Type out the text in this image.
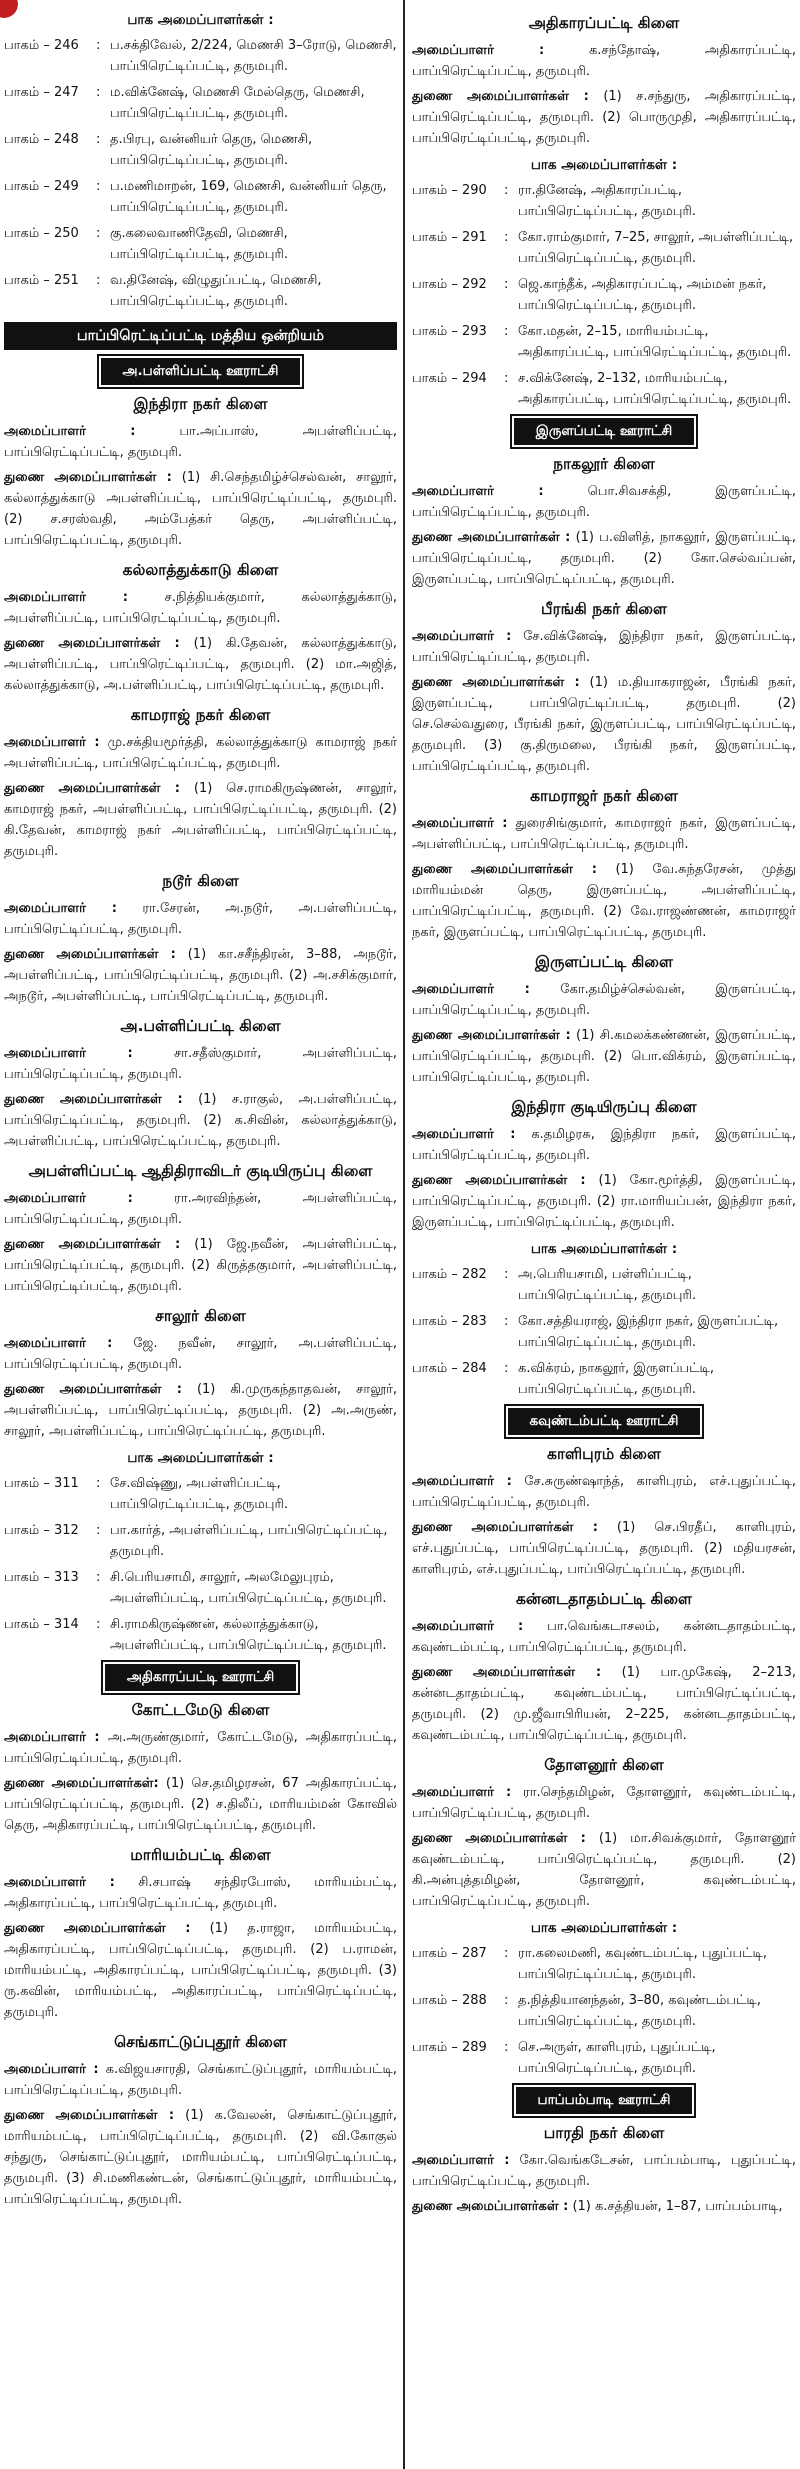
பாக அமைப்பாளர்கள் :
பாகம் – 246	: ப.சக்திவேல், 2/224, மெணசி 3–ரோடு, மெணசி, பாப்பிரெட்டிப்பட்டி, தருமபுரி.
பாகம் – 247	: ம.விக்னேஷ், மெணசி மேல்தெரு, மெணசி, பாப்பிரெட்டிப்பட்டி, தருமபுரி.
பாகம் – 248	: த.பிரபு, வன்னியர் தெரு, மெணசி, பாப்பிரெட்டிப்பட்டி, தருமபுரி.
பாகம் – 249	: ப.மணிமாறன், 169, மெணசி, வன்னியர் தெரு, பாப்பிரெட்டிப்பட்டி, தருமபுரி.
பாகம் – 250	: கு.கலைவாணிதேவி, மெணசி, பாப்பிரெட்டிப்பட்டி, தருமபுரி.
பாகம் – 251	: வ.தினேஷ், விழுதுப்பட்டி, மெணசி, பாப்பிரெட்டிப்பட்டி, தருமபுரி.
பாப்பிரெட்டிப்பட்டி மத்திய ஒன்றியம்
அ.பள்ளிப்பட்டி ஊராட்சி
இந்திரா நகர் கிளை
அமைப்பாளர் :	பா.அப்பாஸ், அபள்ளிப்பட்டி, பாப்பிரெட்டிப்பட்டி, தருமபுரி.
துணை அமைப்பாளர்கள் : (1) சி.செந்தமிழ்ச்செல்வன், சாலூர், கல்லாத்துக்காடு அபள்ளிப்பட்டி, பாப்பிரெட்டிப்பட்டி, தருமபுரி. (2) ச.சரஸ்வதி, அம்பேத்கர் தெரு, அபள்ளிப்பட்டி, பாப்பிரெட்டிப்பட்டி, தருமபுரி.
கல்லாத்துக்காடு கிளை
அமைப்பாளர் :	ச.நித்தியக்குமார், கல்லாத்துக்காடு, அபள்ளிப்பட்டி, பாப்பிரெட்டிப்பட்டி, தருமபுரி.
துணை அமைப்பாளர்கள் : (1) கி.தேவன், கல்லாத்துக்காடு, அபள்ளிப்பட்டி, பாப்பிரெட்டிப்பட்டி, தருமபுரி. (2) மா.அஜித், கல்லாத்துக்காடு, அ.பள்ளிப்பட்டி, பாப்பிரெட்டிப்பட்டி, தருமபுரி.
காமராஜ் நகர் கிளை
அமைப்பாளர் : மு.சக்தியமூர்த்தி, கல்லாத்துக்காடு காமராஜ் நகர் அபள்ளிப்பட்டி, பாப்பிரெட்டிப்பட்டி, தருமபுரி.
துணை அமைப்பாளர்கள் : (1) செ.ராமகிருஷ்ணன், சாலூர், காமராஜ் நகர், அபள்ளிப்பட்டி, பாப்பிரெட்டிப்பட்டி, தருமபுரி. (2) கி.தேவன், காமராஜ் நகர் அபள்ளிப்பட்டி, பாப்பிரெட்டிப்பட்டி, தருமபுரி.
நடூர் கிளை
அமைப்பாளர் : ரா.சேரன், அ.நடூர், அ.பள்ளிப்பட்டி, பாப்பிரெட்டிப்பட்டி, தருமபுரி.
துணை அமைப்பாளர்கள் : (1) கா.சசீந்திரன், 3–88, அநடூர், அபள்ளிப்பட்டி, பாப்பிரெட்டிப்பட்டி, தருமபுரி. (2) அ.சசிக்குமார், அநடூர், அபள்ளிப்பட்டி, பாப்பிரெட்டிப்பட்டி, தருமபுரி.
அ.பள்ளிப்பட்டி கிளை
அமைப்பாளர் :	சா.சதீஸ்குமார், அபள்ளிப்பட்டி, பாப்பிரெட்டிப்பட்டி, தருமபுரி.
துணை அமைப்பாளர்கள் : (1) ச.ராகுல், அ.பள்ளிப்பட்டி, பாப்பிரெட்டிப்பட்டி, தருமபுரி. (2) க.சிவின், கல்லாத்துக்காடு, அபள்ளிப்பட்டி, பாப்பிரெட்டிப்பட்டி, தருமபுரி.
அபள்ளிப்பட்டி ஆதிதிராவிடர் குடியிருப்பு கிளை
அமைப்பாளர் :	ரா.அரவிந்தன், அபள்ளிப்பட்டி, பாப்பிரெட்டிப்பட்டி, தருமபுரி.
துணை அமைப்பாளர்கள் : (1) ஜே.நவீன், அபள்ளிப்பட்டி, பாப்பிரெட்டிப்பட்டி, தருமபுரி. (2) கிருத்தகுமார், அபள்ளிப்பட்டி, பாப்பிரெட்டிப்பட்டி, தருமபுரி.
சாலூர் கிளை
அமைப்பாளர் : ஜே. நவீன், சாலூர், அ.பள்ளிப்பட்டி, பாப்பிரெட்டிப்பட்டி, தருமபுரி.
துணை அமைப்பாளர்கள் : (1) கி.முருகந்தாதவன், சாலூர், அபள்ளிப்பட்டி, பாப்பிரெட்டிப்பட்டி, தருமபுரி. (2) அ.அருண், சாலூர், அபள்ளிப்பட்டி, பாப்பிரெட்டிப்பட்டி, தருமபுரி.
பாக அமைப்பாளர்கள் :
பாகம் – 311	: சே.விஷ்ணு, அபள்ளிப்பட்டி, பாப்பிரெட்டிப்பட்டி, தருமபுரி.
பாகம் – 312	: பா.கார்த், அபள்ளிப்பட்டி, பாப்பிரெட்டிப்பட்டி, தருமபுரி.
பாகம் – 313	: சி.பெரியசாமி, சாலூர், அலமேலுபுரம், அபள்ளிப்பட்டி, பாப்பிரெட்டிப்பட்டி, தருமபுரி.
பாகம் – 314	: சி.ராமகிருஷ்ணன், கல்லாத்துக்காடு, அபள்ளிப்பட்டி, பாப்பிரெட்டிப்பட்டி, தருமபுரி.
அதிகாரப்பட்டி ஊராட்சி
கோட்டமேடு கிளை
அமைப்பாளர் : அ.அருண்குமார், கோட்டமேடு, அதிகாரப்பட்டி, பாப்பிரெட்டிப்பட்டி, தருமபுரி.
துணை அமைப்பாளர்கள்: (1) செ.தமிழரசன், 67 அதிகாரப்பட்டி, பாப்பிரெட்டிப்பட்டி, தருமபுரி. (2) ச.திலீப், மாரியம்மன் கோவில் தெரு, அதிகாரப்பட்டி, பாப்பிரெட்டிப்பட்டி, தருமபுரி.
மாரியம்பட்டி கிளை
அமைப்பாளர் : சி.சபாஷ் சந்திரபோஸ், மாரியம்பட்டி, அதிகாரப்பட்டி, பாப்பிரெட்டிப்பட்டி, தருமபுரி.
துணை அமைப்பாளர்கள் : (1) த.ராஜா, மாரியம்பட்டி, அதிகாரப்பட்டி, பாப்பிரெட்டிப்பட்டி, தருமபுரி. (2) ப.ராமன், மாரியம்பட்டி, அதிகாரப்பட்டி, பாப்பிரெட்டிப்பட்டி, தருமபுரி. (3) ரு.கவின், மாரியம்பட்டி, அதிகாரப்பட்டி, பாப்பிரெட்டிப்பட்டி, தருமபுரி.
செங்காட்டுப்புதூர் கிளை
அமைப்பாளர் : க.விஜயசாரதி, செங்காட்டுப்புதூர், மாரியம்பட்டி, பாப்பிரெட்டிப்பட்டி, தருமபுரி.
துணை அமைப்பாளர்கள் : (1) க.வேலன், செங்காட்டுப்புதூர், மாரியம்பட்டி, பாப்பிரெட்டிப்பட்டி, தருமபுரி. (2) வி.கோகுல் சந்துரு, செங்காட்டுப்புதூர், மாரியம்பட்டி, பாப்பிரெட்டிப்பட்டி, தருமபுரி. (3) சி.மணிகண்டன், செங்காட்டுப்புதூர், மாரியம்பட்டி, பாப்பிரெட்டிப்பட்டி, தருமபுரி.
அதிகாரப்பட்டி கிளை
அமைப்பாளர் :	க.சந்தோஷ், அதிகாரப்பட்டி, பாப்பிரெட்டிப்பட்டி, தருமபுரி.
துணை அமைப்பாளர்கள் : (1) ச.சந்துரு, அதிகாரப்பட்டி, பாப்பிரெட்டிப்பட்டி, தருமபுரி. (2) பொருமுதி, அதிகாரப்பட்டி, பாப்பிரெட்டிப்பட்டி, தருமபுரி.
பாக அமைப்பாளர்கள் :
பாகம் – 290	: ரா.தினேஷ், அதிகாரப்பட்டி, பாப்பிரெட்டிப்பட்டி, தருமபுரி.
பாகம் – 291	: கோ.ராம்குமார், 7–25, சாலூர், அபள்ளிப்பட்டி, பாப்பிரெட்டிப்பட்டி, தருமபுரி.
பாகம் – 292	: ஜெ.காந்தீக், அதிகாரப்பட்டி, அம்மன் நகர், பாப்பிரெட்டிப்பட்டி, தருமபுரி.
பாகம் – 293	: கோ.மதன், 2–15, மாரியம்பட்டி, அதிகாரப்பட்டி, பாப்பிரெட்டிப்பட்டி, தருமபுரி.
பாகம் – 294	: ச.விக்னேஷ், 2–132, மாரியம்பட்டி, அதிகாரப்பட்டி, பாப்பிரெட்டிப்பட்டி, தருமபுரி.
இருளப்பட்டி ஊராட்சி
நாகலூர் கிளை
அமைப்பாளர் :	பொ.சிவசக்தி, இருளப்பட்டி, பாப்பிரெட்டிப்பட்டி, தருமபுரி.
துணை அமைப்பாளர்கள் : (1) ப.விளித், நாகலூர், இருளப்பட்டி, பாப்பிரெட்டிப்பட்டி, தருமபுரி. (2) கோ.செல்வப்பன், இருளப்பட்டி, பாப்பிரெட்டிப்பட்டி, தருமபுரி.
பீரங்கி நகர் கிளை
அமைப்பாளர் : சே.விக்னேஷ், இந்திரா நகர், இருளப்பட்டி, பாப்பிரெட்டிப்பட்டி, தருமபுரி.
துணை அமைப்பாளர்கள் : (1) ம.தியாகராஜன், பீரங்கி நகர், இருளப்பட்டி, பாப்பிரெட்டிப்பட்டி, தருமபுரி. (2) செ.செல்வதுரை, பீரங்கி நகர், இருளப்பட்டி, பாப்பிரெட்டிப்பட்டி, தருமபுரி. (3) கு.திருமலை, பீரங்கி நகர், இருளப்பட்டி, பாப்பிரெட்டிப்பட்டி, தருமபுரி.
காமராஜர் நகர் கிளை
அமைப்பாளர் : துரைசிங்குமார், காமராஜர் நகர், இருளப்பட்டி, அபள்ளிப்பட்டி, பாப்பிரெட்டிப்பட்டி, தருமபுரி.
துணை அமைப்பாளர்கள் : (1) வே.சுந்தரேசன், முத்து மாரியம்மன் தெரு, இருளப்பட்டி, அபள்ளிப்பட்டி, பாப்பிரெட்டிப்பட்டி, தருமபுரி. (2) வே.ராஜண்ணன், காமராஜர் நகர், இருளப்பட்டி, பாப்பிரெட்டிப்பட்டி, தருமபுரி.
இருளப்பட்டி கிளை
அமைப்பாளர் : கோ.தமிழ்ச்செல்வன், இருளப்பட்டி, பாப்பிரெட்டிப்பட்டி, தருமபுரி.
துணை அமைப்பாளர்கள் : (1) சி.கமலக்கண்ணன், இருளப்பட்டி, பாப்பிரெட்டிப்பட்டி, தருமபுரி. (2) பொ.விக்ரம், இருளப்பட்டி, பாப்பிரெட்டிப்பட்டி, தருமபுரி.
இந்திரா குடியிருப்பு கிளை
அமைப்பாளர் : க.தமிழரசு, இந்திரா நகர், இருளப்பட்டி, பாப்பிரெட்டிப்பட்டி, தருமபுரி.
துணை அமைப்பாளர்கள் : (1) கோ.மூர்த்தி, இருளப்பட்டி, பாப்பிரெட்டிப்பட்டி, தருமபுரி. (2) ரா.மாரியப்பன், இந்திரா நகர், இருளப்பட்டி, பாப்பிரெட்டிப்பட்டி, தருமபுரி.
பாக அமைப்பாளர்கள் :
பாகம் – 282	: அ.பெரியசாமி, பள்ளிப்பட்டி, பாப்பிரெட்டிப்பட்டி, தருமபுரி.
பாகம் – 283	: கோ.சத்தியராஜ், இந்திரா நகர், இருளப்பட்டி, பாப்பிரெட்டிப்பட்டி, தருமபுரி.
பாகம் – 284	: க.விக்ரம், நாகலூர், இருளப்பட்டி, பாப்பிரெட்டிப்பட்டி, தருமபுரி.
கவுண்டம்பட்டி ஊராட்சி
காளிபுரம் கிளை
அமைப்பாளர் : சே.சுருண்ஷாந்த், காளிபுரம், எச்.புதுப்பட்டி, பாப்பிரெட்டிப்பட்டி, தருமபுரி.
துணை அமைப்பாளர்கள் : (1) செ.பிரதீப், காளிபுரம், எச்.புதுப்பட்டி, பாப்பிரெட்டிப்பட்டி, தருமபுரி. (2) மதியரசன், காளிபுரம், எச்.புதுப்பட்டி, பாப்பிரெட்டிப்பட்டி, தருமபுரி.
கன்னடதாதம்பட்டி கிளை
அமைப்பாளர் : பா.வெங்கடாசலம், கன்னடதாதம்பட்டி, கவுண்டம்பட்டி, பாப்பிரெட்டிப்பட்டி, தருமபுரி.
துணை அமைப்பாளர்கள் : (1) பா.முகேஷ், 2–213, கன்னடதாதம்பட்டி, கவுண்டம்பட்டி, பாப்பிரெட்டிப்பட்டி, தருமபுரி. (2) மு.ஜீவாபிரியன், 2–225, கன்னடதாதம்பட்டி, கவுண்டம்பட்டி, பாப்பிரெட்டிப்பட்டி, தருமபுரி.
தோளனூர் கிளை
அமைப்பாளர் : ரா.செந்தமிழன், தோளனூர், கவுண்டம்பட்டி, பாப்பிரெட்டிப்பட்டி, தருமபுரி.
துணை அமைப்பாளர்கள் : (1) மா.சிவக்குமார், தோளனூர் கவுண்டம்பட்டி, பாப்பிரெட்டிப்பட்டி, தருமபுரி. (2) கி.அன்புத்தமிழன், தோளனூர், கவுண்டம்பட்டி, பாப்பிரெட்டிப்பட்டி, தருமபுரி.
பாக அமைப்பாளர்கள் :
பாகம் – 287	: ரா.கலைமணி, கவுண்டம்பட்டி, புதுப்பட்டி, பாப்பிரெட்டிப்பட்டி, தருமபுரி.
பாகம் – 288	: த.நித்தியானந்தன், 3–80, கவுண்டம்பட்டி, பாப்பிரெட்டிப்பட்டி, தருமபுரி.
பாகம் – 289	: செ.அருள், காளிபுரம், புதுப்பட்டி, பாப்பிரெட்டிப்பட்டி, தருமபுரி.
பாப்பம்பாடி ஊராட்சி
பாரதி நகர் கிளை
அமைப்பாளர் : கோ.வெங்கடேசன், பாப்பம்பாடி, புதுப்பட்டி, பாப்பிரெட்டிப்பட்டி, தருமபுரி.
துணை அமைப்பாளர்கள் : (1) க.சத்தியன், 1–87, பாப்பம்பாடி,
